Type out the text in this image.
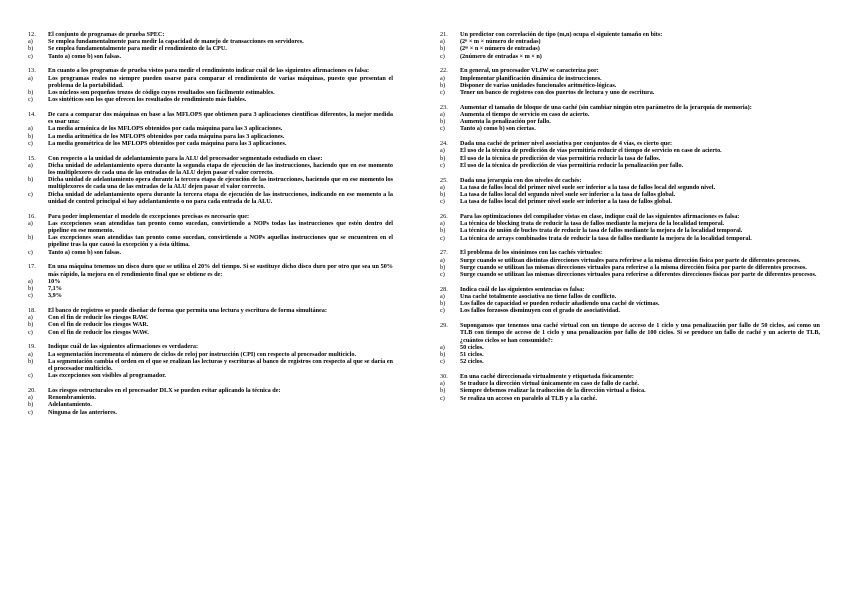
12.	El conjunto de programas de prueba SPEC:
a)	Se emplea fundamentalmente para medir la capacidad de manejo de transacciones en servidores.
b)	Se emplea fundamentalmente para medir el rendimiento de la CPU.
c)	Tanto a) como b) son falsas.
13.	En cuanto a los programas de prueba vistos para medir el rendimiento indicar cuál de las siguientes afirmaciones es falsa:
a)	Los programas reales no siempre pueden usarse para comparar el rendimiento de varias máquinas, puesto que presentan el problema de la portabilidad.
b)	Los núcleos son pequeños trozos de código cuyos resultados son fácilmente estimables.
c)	Los sintéticos son los que ofrecen los resultados de rendimiento más fiables.
14.	De cara a comparar dos máquinas en base a las MFLOPS que obtienen para 3 aplicaciones científicas diferentes, la mejor medida es usar una:
a)	La media armónica de los MFLOPS obtenidos por cada máquina para las 3 aplicaciones.
b)	La media aritmética de los MFLOPS obtenidos por cada máquina para las 3 aplicaciones.
c)	La media geométrica de los MFLOPS obtenidos por cada máquina para las 3 aplicaciones.
15.	Con respecto a la unidad de adelantamiento para la ALU del procesador segmentado estudiado en clase:
a)	Dicha unidad de adelantamiento opera durante la segunda etapa de ejecución de las instrucciones, haciendo que en ese momento los multiplexores de cada una de las entradas de la ALU dejen pasar el valor correcto.
b)	Dicha unidad de adelantamiento opera durante la tercera etapa de ejecución de las instrucciones, haciendo que en ese momento los multiplexores de cada una de las entradas de la ALU dejen pasar el valor correcto.
c)	Dicha unidad de adelantamiento opera durante la tercera etapa de ejecución de las instrucciones, indicando en ese momento a la unidad de control principal si hay adelantamiento o no para cada entrada de la ALU.
16.	Para poder implementar el modelo de excepciones precisas es necesario que:
a)	Las excepciones sean atendidas tan pronto como sucedan, convirtiendo a NOPs todas las instrucciones que estén dentro del pipeline en ese momento.
b)	Las excepciones sean atendidas tan pronto como sucedan, convirtiendo a NOPs aquellas instrucciones que se encuentren en el pipeline tras la que causó la excepción y a ésta última.
c)	Tanto a) como b) son falsas.
17.	En una máquina tenemos un disco duro que se utiliza el 20% del tiempo. Si se sustituye dicho disco duro por otro que sea un 50% más rápido, la mejora en el rendimiento final que se obtiene es de:
a)	10%
b)	7,1%
c)	3,9%
18.	El banco de registros se puede diseñar de forma que permita una lectura y escritura de forma simultánea:
a)	Con el fin de reducir los riesgos RAW.
b)	Con el fin de reducir los riesgos WAR.
c)	Con el fin de reducir los riesgos WAW.
19.	Indique cuál de las siguientes afirmaciones es verdadera:
a)	La segmentación incrementa el número de ciclos de reloj por instrucción (CPI) con respecto al procesador multiciclo.
b)	La segmentación cambia el orden en el que se realizan las lecturas y escrituras al banco de registros con respecto al que se daría en el procesador multiciclo.
c)	Las excepciones son visibles al programador.
20.	Los riesgos estructurales en el procesador DLX se pueden evitar aplicando la técnica de:
a)	Renombramiento.
b)	Adelantamiento.
c)	Ninguna de las anteriores.
21.	Un predictor con correlación de tipo (m,n) ocupa el siguiente tamaño en bits:
a)	(2ⁿ × m × número de entradas)
b)	(2ᵐ × n × número de entradas)
c)	(2número de entradas × m × n)
22.	En general, un procesador VLIW se caracteriza por:
a)	Implementar planificación dinámica de instrucciones.
b)	Disponer de varias unidades funcionales aritmético-lógicas.
c)	Tener un banco de registros con dos puertos de lectura y uno de escritura.
23.	Aumentar el tamaño de bloque de una caché (sin cambiar ningún otro parámetro de la jerarquía de memoria):
a)	Aumenta el tiempo de servicio en caso de acierto.
b)	Aumenta la penalización por fallo.
c)	Tanto a) como b) son ciertas.
24.	Dada una caché de primer nivel asociativa por conjuntos de 4 vías, es cierto que:
a)	El uso de la técnica de predicción de vías permitiría reducir el tiempo de servicio en caso de acierto.
b)	El uso de la técnica de predicción de vías permitiría reducir la tasa de fallos.
c)	El uso de la técnica de predicción de vías permitiría reducir la penalización por fallo.
25.	Dada una jerarquía con dos niveles de cachés:
a)	La tasa de fallos local del primer nivel suele ser inferior a la tasa de fallos local del segundo nivel.
b)	La tasa de fallos local del segundo nivel suele ser inferior a la tasa de fallos global.
c)	La tasa de fallos local del primer nivel suele ser inferior a la tasa de fallos global.
26.	Para las optimizaciones del compilador vistas en clase, indique cuál de las siguientes afirmaciones es falsa:
a)	La técnica de blocking trata de reducir la tasa de fallos mediante la mejora de la localidad temporal.
b)	La técnica de unión de bucles trata de reducir la tasa de fallos mediante la mejora de la localidad temporal.
c)	La técnica de arrays combinados trata de reducir la tasa de fallos mediante la mejora de la localidad temporal.
27.	El problema de los sinónimos con las cachés virtuales:
a)	Surge cuando se utilizan distintas direcciones virtuales para referirse a la misma dirección física por parte de diferentes procesos.
b)	Surge cuando se utilizan las mismas direcciones virtuales para referirse a la misma dirección física por parte de diferentes procesos.
c)	Surge cuando se utilizan las mismas direcciones virtuales para referirse a diferentes direcciones físicas por parte de diferentes procesos.
28.	Indica cuál de las siguientes sentencias es falsa:
a)	Una caché totalmente asociativa no tiene fallos de conflicto.
b)	Los fallos de capacidad se pueden reducir añadiendo una caché de víctimas.
c)	Los fallos forzosos disminuyen con el grado de asociatividad.
29.	Supongamos que tenemos una caché virtual con un tiempo de acceso de 1 ciclo y una penalización por fallo de 50 ciclos, así como un TLB con tiempo de acceso de 1 ciclo y una penalización por fallo de 100 ciclos. Si se produce un fallo de caché y un acierto de TLB, ¿cuántos ciclos se han consumido?:
a)	50 ciclos.
b)	51 ciclos.
c)	52 ciclos.
30.	En una caché direccionada virtualmente y etiquetada físicamente:
a)	Se traduce la dirección virtual únicamente en caso de fallo de caché.
b)	Siempre debemos realizar la traducción de la dirección virtual a física.
c)	Se realiza un acceso en paralelo al TLB y a la caché.
